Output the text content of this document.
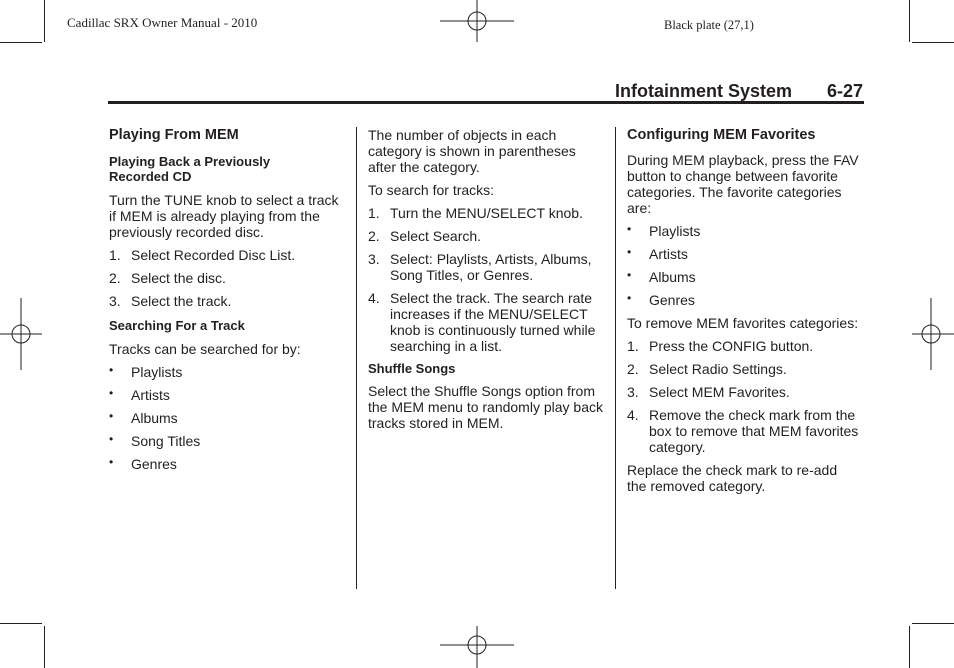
Cadillac SRX Owner Manual - 2010	Black plate (27,1)
Infotainment System 6-27
Playing From MEM
Playing Back a Previously
Recorded CD

Turn the TUNE knob to select a track if MEM is already playing from the previously recorded disc.

1. Select Recorded Disc List.
2. Select the disc.
3. Select the track.
Searching For a Track

Tracks can be searched for by:

• Playlists
• Artists
• Albums
• Song Titles
• Genres

The number of objects in each category is shown in parentheses after the category.

To search for tracks:

1. Turn the MENU/SELECT knob.
2. Select Search.
3. Select: Playlists, Artists, Albums, Song Titles, or Genres.
4. Select the track. The search rate increases if the MENU/SELECT knob is continuously turned while searching in a list.
Shuffle Songs

Select the Shuffle Songs option from the MEM menu to randomly play back tracks stored in MEM.

Configuring MEM Favorites

During MEM playback, press the FAV button to change between favorite categories. The favorite categories are:

• Playlists
• Artists
• Albums
• Genres

To remove MEM favorites categories:

1. Press the CONFIG button.
2. Select Radio Settings.
3. Select MEM Favorites.
4. Remove the check mark from the box to remove that MEM favorites category.

Replace the check mark to re-add the removed category.
